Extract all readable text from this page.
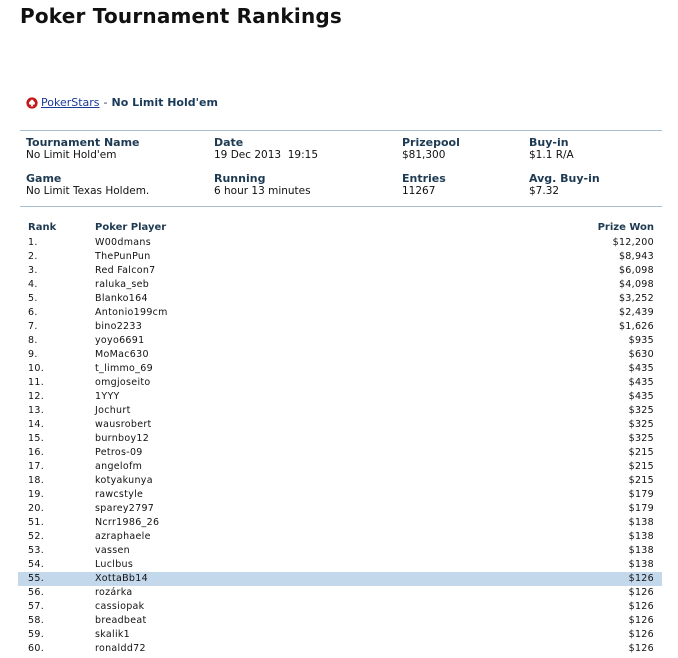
Poker Tournament Rankings
PokerStars - No Limit Hold'em
Tournament Name
No Limit Hold'em
Date
19 Dec 2013  19:15
Prizepool
$81,300
Buy-in
$1.1 R/A
Game
No Limit Texas Holdem.
Running
6 hour 13 minutes
Entries
11267
Avg. Buy-in
$7.32
Rank	Poker Player	Prize Won
1.	W00dmans	$12,200
2.	ThePunPun	$8,943
3.	Red Falcon7	$6,098
4.	raluka_seb	$4,098
5.	Blanko164	$3,252
6.	Antonio199cm	$2,439
7.	bino2233	$1,626
8.	yoyo6691	$935
9.	MoMac630	$630
10.	t_limmo_69	$435
11.	omgjoseito	$435
12.	1YYY	$435
13.	Jochurt	$325
14.	wausrobert	$325
15.	burnboy12	$325
16.	Petros-09	$215
17.	angelofm	$215
18.	kotyakunya	$215
19.	rawcstyle	$179
20.	sparey2797	$179
51.	Ncrr1986_26	$138
52.	azraphaele	$138
53.	vassen	$138
54.	Luclbus	$138
55.	XottaBb14	$126
56.	rozárka	$126
57.	cassiopak	$126
58.	breadbeat	$126
59.	skalik1	$126
60.	ronaldd72	$126
